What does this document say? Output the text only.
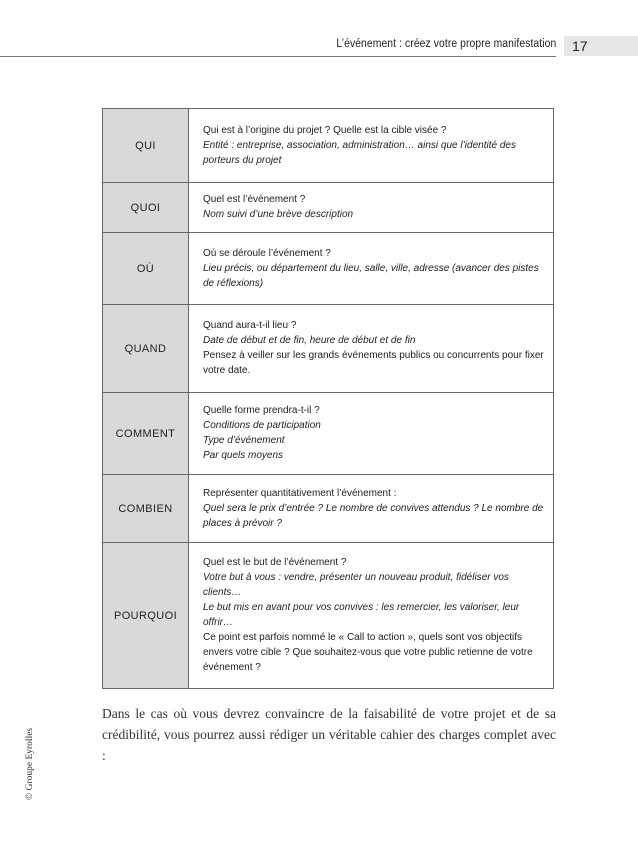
L’événement : créez votre propre manifestation 17
QUI	Qui est à l’origine du projet ? Quelle est la cible visée ?
Entité : entreprise, association, administration… ainsi que l’identité des porteurs du projet

QUOI	Quel est l’événement ?
Nom suivi d’une brève description

OÙ	Où se déroule l’événement ?
Lieu précis, ou département du lieu, salle, ville, adresse (avancer des pistes de réflexions)

QUAND	Quand aura-t-il lieu ?
Date de début et de fin, heure de début et de fin
Pensez à veiller sur les grands événements publics ou concurrents pour fixer votre date.

COMMENT	Quelle forme prendra-t-il ?
Conditions de participation
Type d’événement
Par quels moyens

COMBIEN	Représenter quantitativement l’événement :
Quel sera le prix d’entrée ? Le nombre de convives attendus ? Le nombre de places à prévoir ?

POURQUOI	Quel est le but de l’événement ?
Votre but à vous : vendre, présenter un nouveau produit, fidéliser vos clients…
Le but mis en avant pour vos convives : les remercier, les valoriser, leur offrir…
Ce point est parfois nommé le « Call to action », quels sont vos objectifs envers votre cible ? Que souhaitez-vous que votre public retienne de votre événement ?

Dans le cas où vous devrez convaincre de la faisabilité de votre projet et de sa crédibilité, vous pourrez aussi rédiger un véritable cahier des charges complet avec :

© Groupe Eyrolles
